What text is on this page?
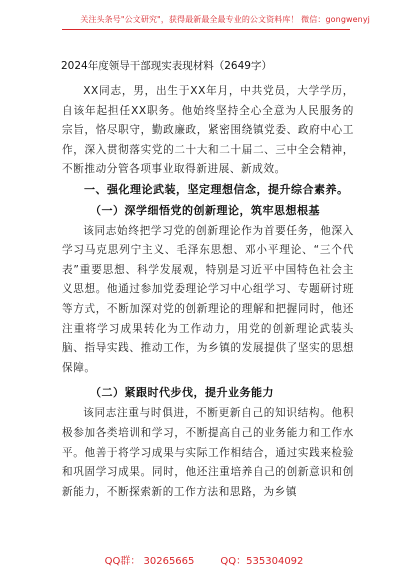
关注头条号"公文研究"，获得最新最全最专业的公文资料库！ 微信：gongwenyj
2024年度领导干部现实表现材料（2649字）

XX同志，男，出生于XX年月，中共党员，大学学历，自该年起担任XX职务。他始终坚持全心全意为人民服务的宗旨，恪尽职守，勤政廉政，紧密围绕镇党委、政府中心工作，深入贯彻落实党的二十大和二十届二、三中全会精神，不断推动分管各项事业取得新进展、新成效。

一、强化理论武装，坚定理想信念，提升综合素养。

（一）深学细悟党的创新理论，筑牢思想根基

该同志始终把学习党的创新理论作为首要任务，他深入学习马克思列宁主义、毛泽东思想、邓小平理论、“三个代表”重要思想、科学发展观，特别是习近平中国特色社会主义思想。他通过参加党委理论学习中心组学习、专题研讨班等方式，不断加深对党的创新理论的理解和把握同时，他还注重将学习成果转化为工作动力，用党的创新理论武装头脑、指导实践、推动工作，为乡镇的发展提供了坚实的思想保障。

（二）紧跟时代步伐，提升业务能力

该同志注重与时俱进，不断更新自己的知识结构。他积极参加各类培训和学习，不断提高自己的业务能力和工作水平。他善于将学习成果与实际工作相结合，通过实践来检验和巩固学习成果。同时，他还注重培养自己的创新意识和创新能力，不断探索新的工作方法和思路，为乡镇

QQ群： 30265665	QQ：535304092
